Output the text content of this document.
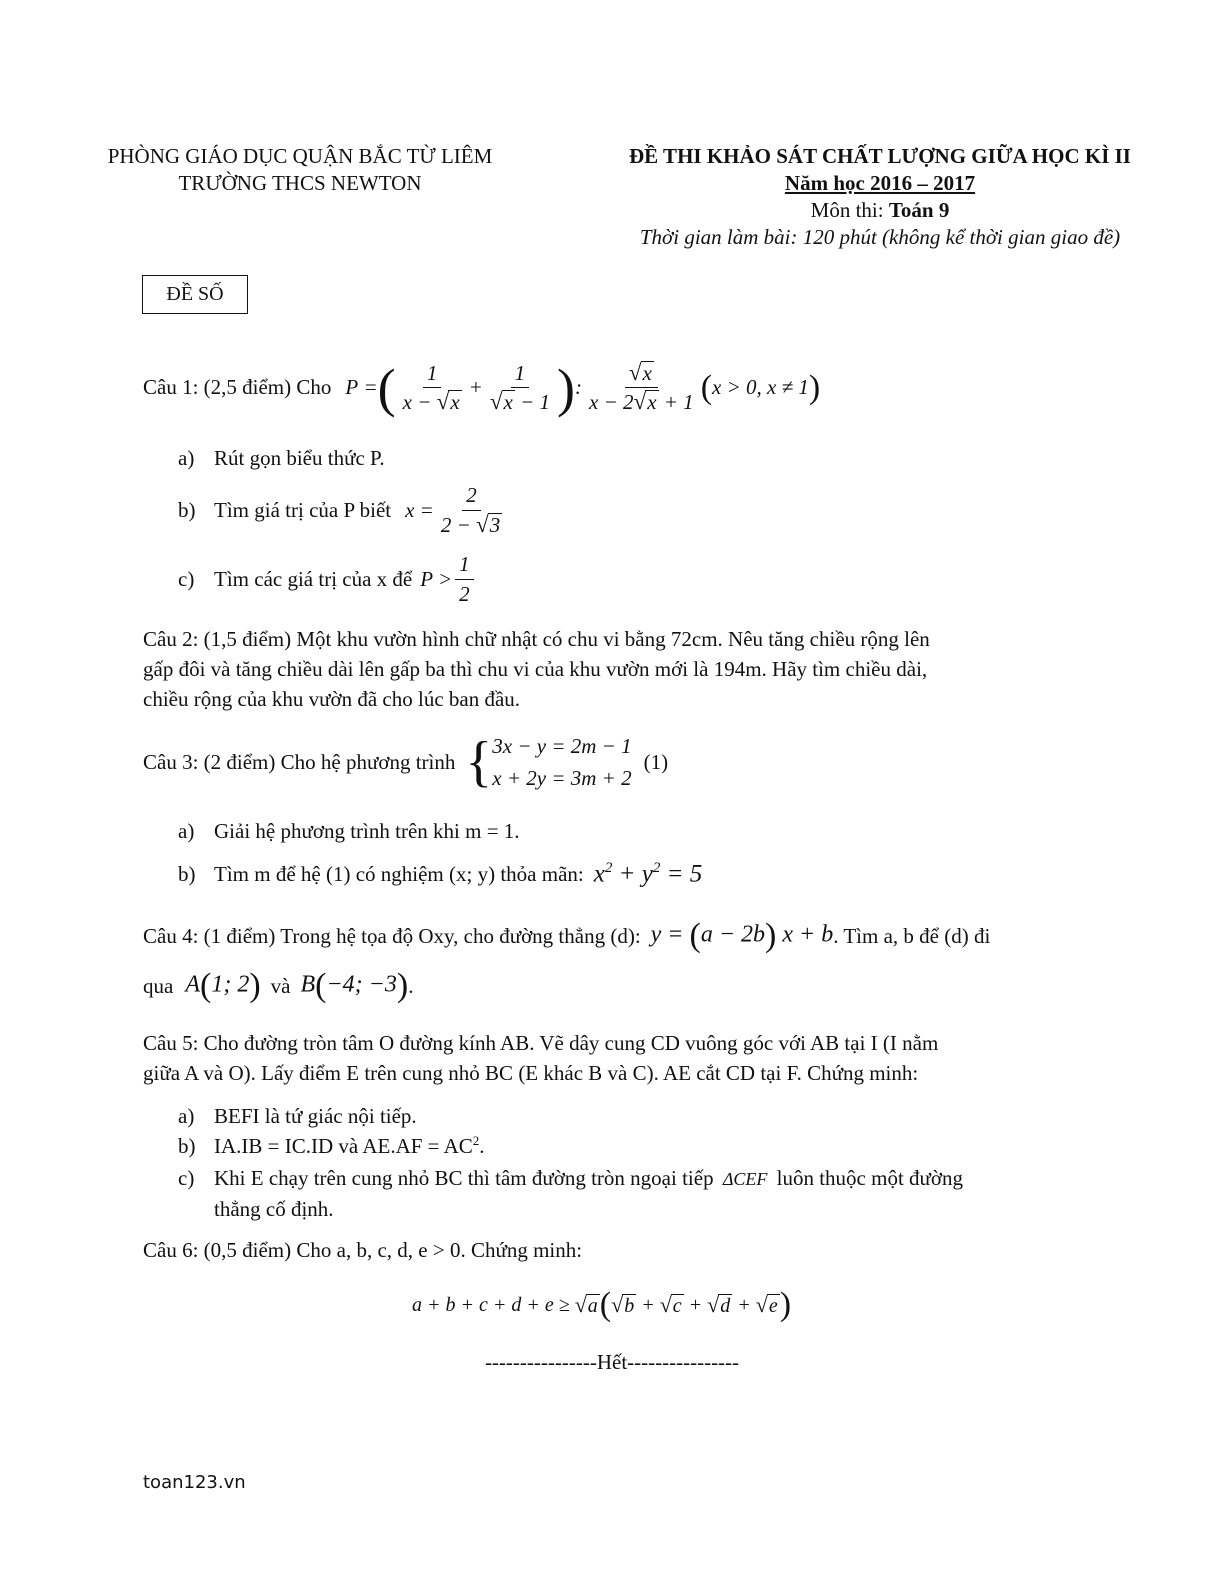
PHÒNG GIÁO DỤC QUẬN BẮC TỪ LIÊM
TRƯỜNG THCS NEWTON
ĐỀ THI KHẢO SÁT CHẤT LƯỢNG GIỮA HỌC KÌ II
Năm học 2016 – 2017
Môn thi: Toán 9
Thời gian làm bài: 120 phút (không kể thời gian giao đề)
ĐỀ SỐ
Câu 1: (2,5 điểm) Cho P = ( $\frac{1}{x - √ x} + \frac{1}{√ x - 1}$ ) : $\frac{√ x}{x - 2 √ x + 1}$ ( x > 0, x ≠ 1 )
a) Rút gọn biểu thức P.
b) Tìm giá trị của P biết $x = \frac{2}{2 - √ 3}$
c) Tìm các giá trị của x để $P > \frac{1}{2}$
Câu 2: (1,5 điểm) Một khu vườn hình chữ nhật có chu vi bằng 72cm. Nêu tăng chiều rộng lên
gấp đôi và tăng chiều dài lên gấp ba thì chu vi của khu vườn mới là 194m. Hãy tìm chiều dài,
chiều rộng của khu vườn đã cho lúc ban đầu.
Câu 3: (2 điểm) Cho hệ phương trình { 3x − y = 2m − 1
x + 2y = 3m + 2
(1)
a) Giải hệ phương trình trên khi m = 1.
b) Tìm m để hệ (1) có nghiệm (x; y) thỏa mãn: $x^2 + y^2 = 5$
Câu 4: (1 điểm) Trong hệ tọa độ Oxy, cho đường thẳng (d): y = (a − 2b) x + b . Tìm a, b để (d) đi
qua A(1; 2) và B(−4; −3) .
Câu 5: Cho đường tròn tâm O đường kính AB. Vẽ dây cung CD vuông góc với AB tại I (I nằm
giữa A và O). Lấy điểm E trên cung nhỏ BC (E khác B và C). AE cắt CD tại F. Chứng minh:
a) BEFI là tứ giác nội tiếp.
b) IA.IB = IC.ID và $AE.AF = AC^2$.
c) Khi E chạy trên cung nhỏ BC thì tâm đường tròn ngoại tiếp ΔCEF luôn thuộc một đường
thẳng cố định.
Câu 6: (0,5 điểm) Cho a, b, c, d, e > 0. Chứng minh:
a + b + c + d + e ≥ √ a ( √ b + √ c + √ d + √ e )
----------------Hết----------------
toan123.vn
